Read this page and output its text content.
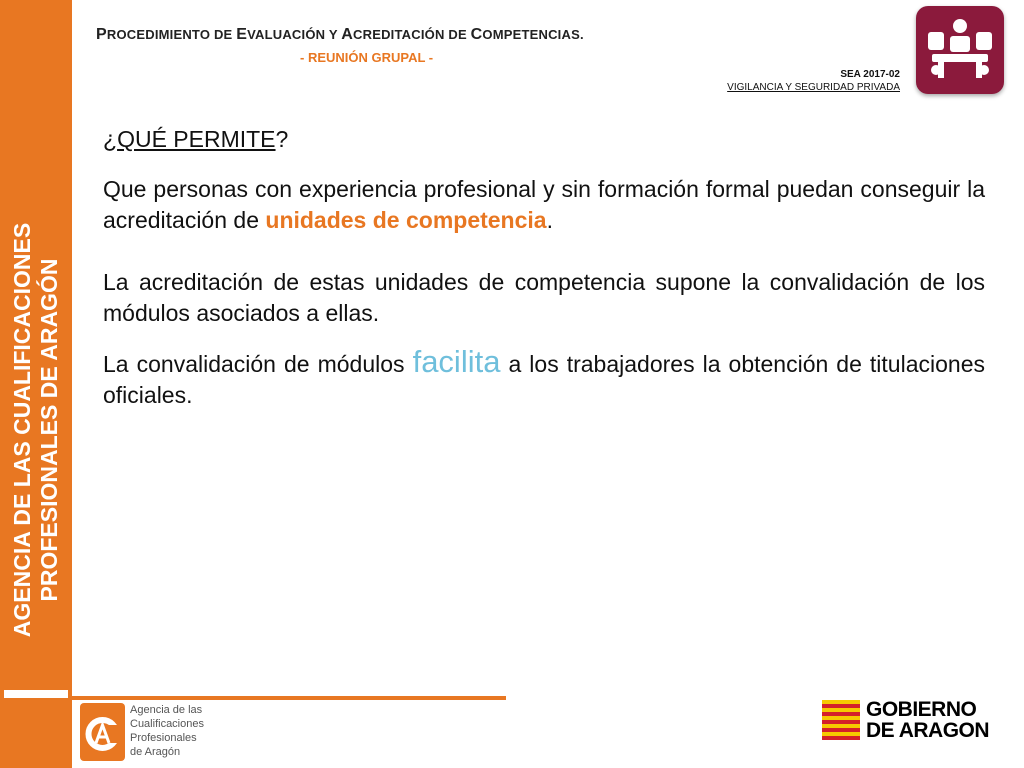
AGENCIA DE LAS CUALIFICACIONES PROFESIONALES DE ARAGÓN
PROCEDIMIENTO DE EVALUACIÓN Y ACREDITACIÓN DE COMPETENCIAS.
- REUNIÓN GRUPAL -
SEA 2017-02
VIGILANCIA Y SEGURIDAD PRIVADA

¿QUÉ PERMITE?

Que personas con experiencia profesional y sin formación formal puedan conseguir la acreditación de unidades de competencia.

La acreditación de estas unidades de competencia supone la convalidación de los módulos asociados a ellas.

La convalidación de módulos facilita a los trabajadores la obtención de titulaciones oficiales.

Agencia de las
Cualificaciones
Profesionales
de Aragón
GOBIERNO
DE ARAGON
